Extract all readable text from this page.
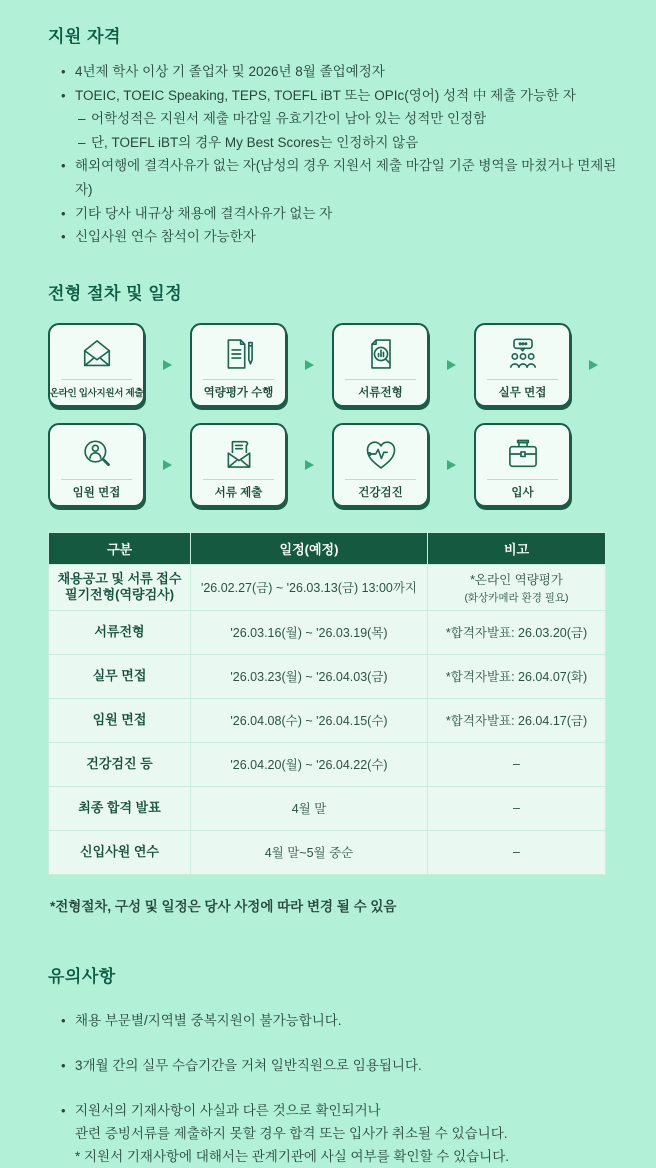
지원 자격
•
4년제 학사 이상 기 졸업자 및 2026년 8월 졸업예정자
•
TOEIC, TOEIC Speaking, TEPS, TOEFL iBT 또는 OPIc(영어) 성적 中 제출 가능한 자
–
어학성적은 지원서 제출 마감일 유효기간이 남아 있는 성적만 인정함
–
단, TOEFL iBT의 경우 My Best Scores는 인정하지 않음
•
해외여행에 결격사유가 없는 자(남성의 경우 지원서 제출 마감일 기준 병역을 마쳤거나 면제된 자)
•
기타 당사 내규상 채용에 결격사유가 없는 자
•
신입사원 연수 참석이 가능한자
전형 절차 및 일정
온라인 입사지원서 제출	역량평가 수행	서류전형	실무 면접
임원 면접	서류 제출	건강검진	입사
구분	일정(예정)	비고

채용공고 및 서류 접수
필기전형(역량검사)	'26.02.27(금) ~ '26.03.13(금) 13:00까지

*온라인 역량평가
(화상카메라 환경 필요)

서류전형	'26.03.16(월) ~ '26.03.19(목)	*합격자발표: 26.03.20(금)

실무 면접	'26.03.23(월) ~ '26.04.03(금)	*합격자발표: 26.04.07(화)

임원 면접	'26.04.08(수) ~ '26.04.15(수)	*합격자발표: 26.04.17(금)

건강검진 등	'26.04.20(월) ~ '26.04.22(수)	–

최종 합격 발표	4월 말	–

신입사원 연수	4월 말~5월 중순	–
*전형절차, 구성 및 일정은 당사 사정에 따라 변경 될 수 있음
유의사항
•
채용 부문별/지역별 중복지원이 불가능합니다.
•
3개월 간의 실무 수습기간을 거쳐 일반직원으로 임용됩니다.
•
지원서의 기재사항이 사실과 다른 것으로 확인되거나
관련 증빙서류를 제출하지 못할 경우 합격 또는 입사가 취소될 수 있습니다.
* 지원서 기재사항에 대해서는 관계기관에 사실 여부를 확인할 수 있습니다.
